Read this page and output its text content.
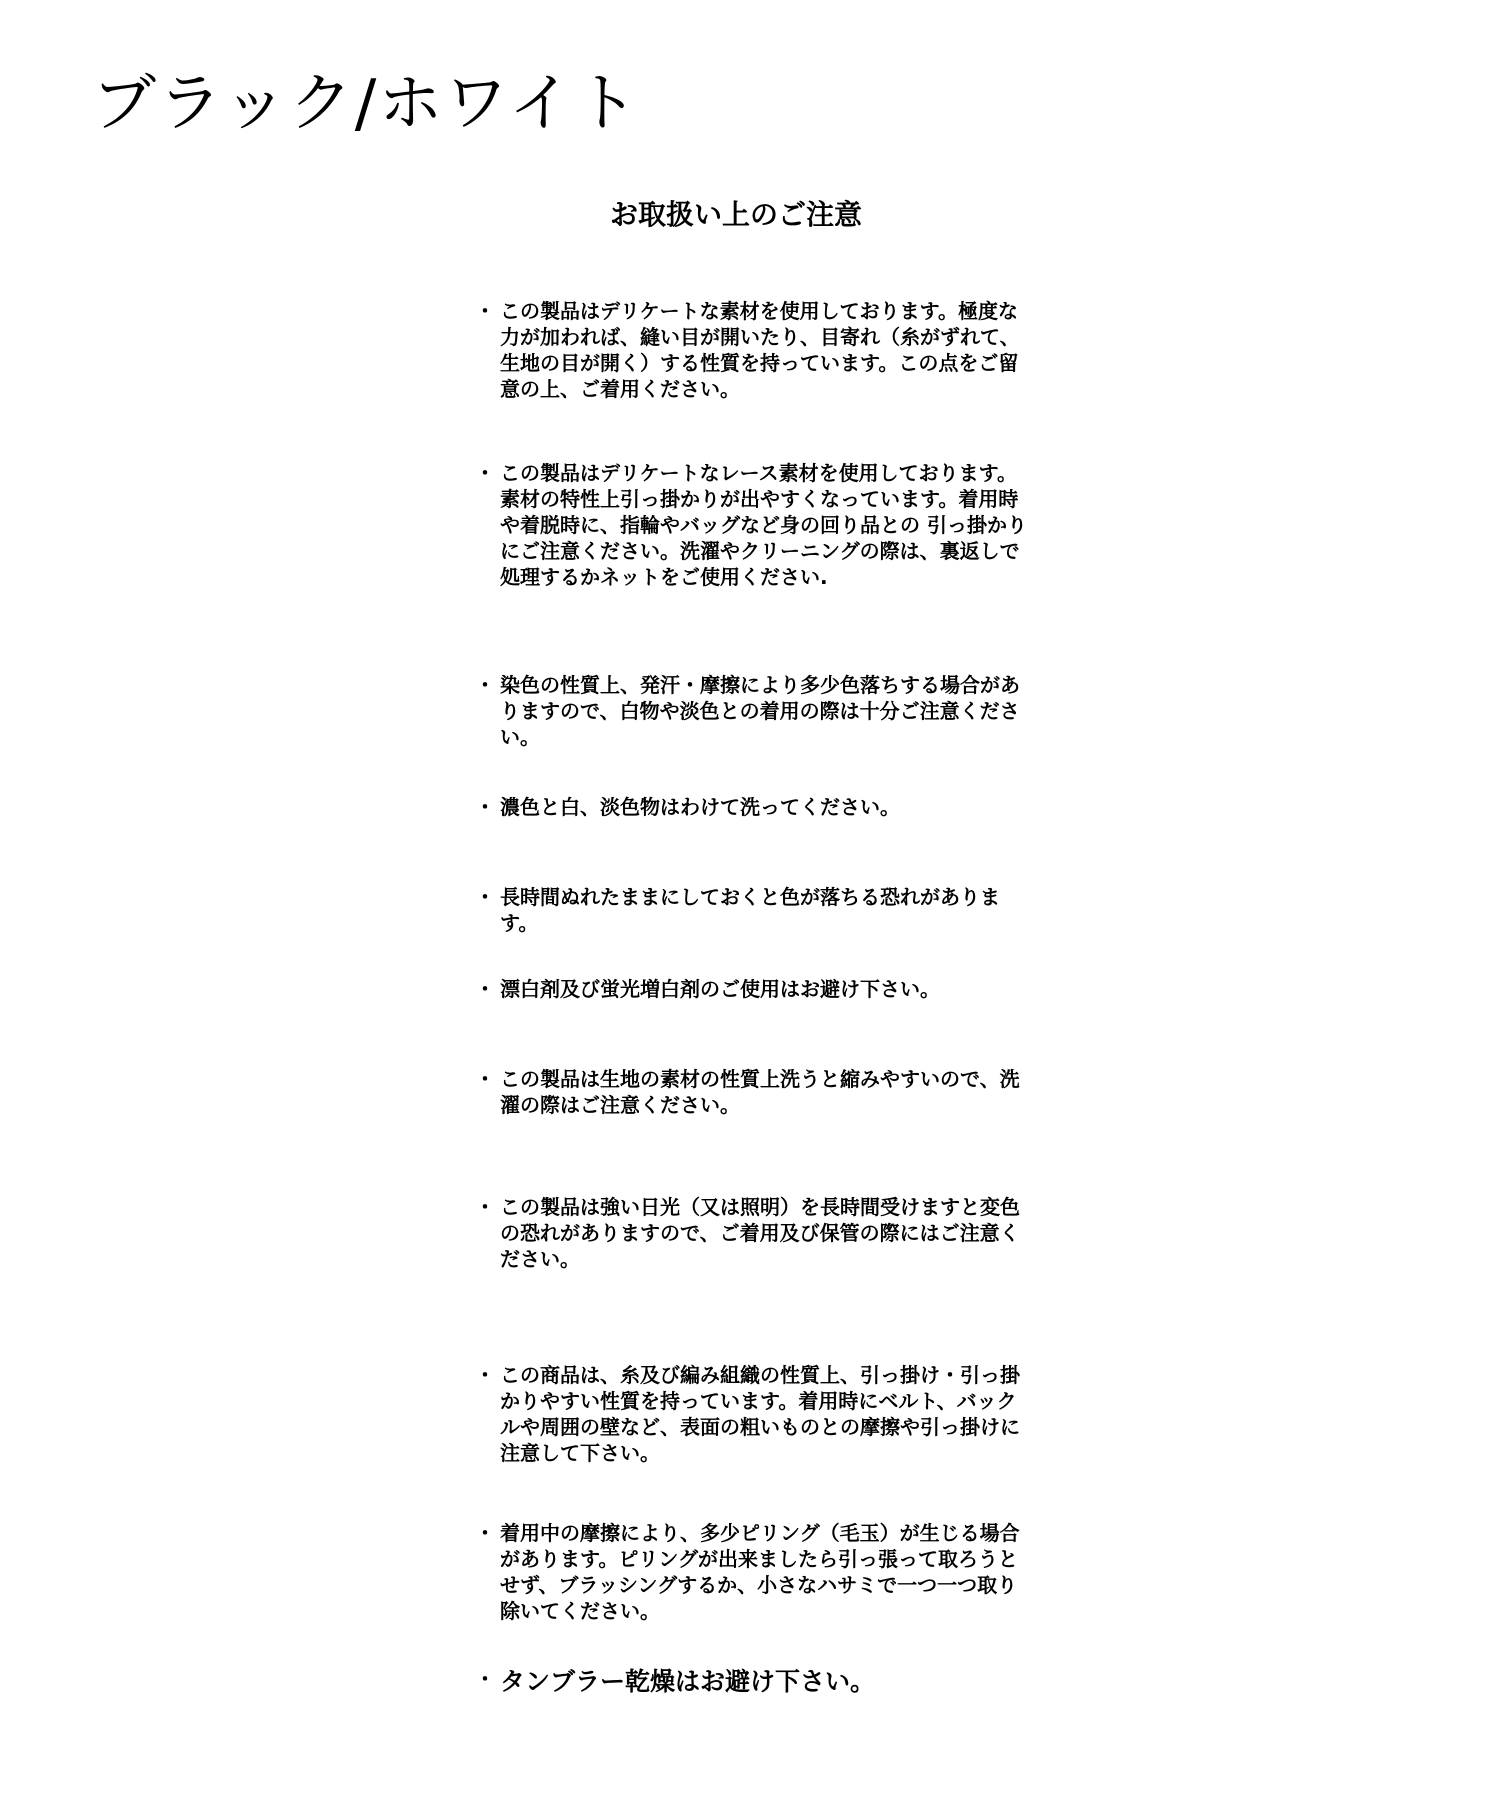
ブラック/ホワイト
お取扱い上のご注意
・ この製品はデリケートな素材を使用しております。極度な力が加われば、縫い目が開いたり、目寄れ（糸がずれて、生地の目が開く）する性質を持っています。この点をご留意の上、ご着用ください。

・ この製品はデリケートなレース素材を使用しております。素材の特性上引っ掛かりが出やすくなっています。着用時や着脱時に、指輪やバッグなど身の回り品との 引っ掛かりにご注意ください。洗濯やクリーニングの際は、裏返しで処理するかネットをご使用ください.

・ 染色の性質上、発汗・摩擦により多少色落ちする場合がありますので、白物や淡色との着用の際は十分ご注意ください。

・ 濃色と白、淡色物はわけて洗ってください。

・ 長時間ぬれたままにしておくと色が落ちる恐れがあります。

・ 漂白剤及び蛍光増白剤のご使用はお避け下さい。

・ この製品は生地の素材の性質上洗うと縮みやすいので、洗濯の際はご注意ください。

・ この製品は強い日光（又は照明）を長時間受けますと変色の恐れがありますので、ご着用及び保管の際にはご注意ください。

・ この商品は、糸及び編み組織の性質上、引っ掛け・引っ掛かりやすい性質を持っています。着用時にベルト、バックルや周囲の壁など、表面の粗いものとの摩擦や引っ掛けに注意して下さい。

・ 着用中の摩擦により、多少ピリング（毛玉）が生じる場合があります。ピリングが出来ましたら引っ張って取ろうとせず、ブラッシングするか、小さなハサミで一つ一つ取り除いてください。

・ タンブラー乾燥はお避け下さい。
